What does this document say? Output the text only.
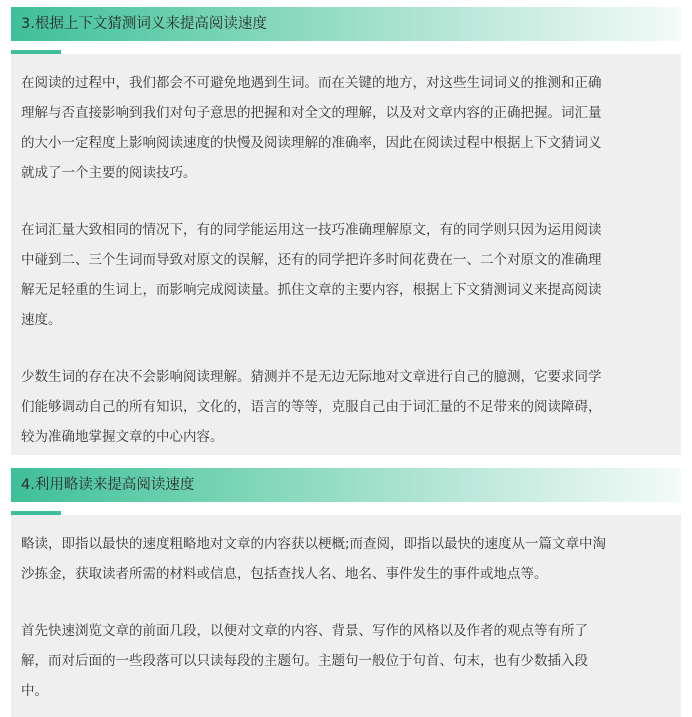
3.根据上下文猜测词义来提高阅读速度

在阅读的过程中，我们都会不可避免地遇到生词。而在关键的地方，对这些生词词义的推测和正确
理解与否直接影响到我们对句子意思的把握和对全文的理解，以及对文章内容的正确把握。词汇量
的大小一定程度上影响阅读速度的快慢及阅读理解的准确率，因此在阅读过程中根据上下文猜词义
就成了一个主要的阅读技巧。

在词汇量大致相同的情况下，有的同学能运用这一技巧准确理解原文，有的同学则只因为运用阅读
中碰到二、三个生词而导致对原文的误解，还有的同学把许多时间花费在一、二个对原文的准确理
解无足轻重的生词上，而影响完成阅读量。抓住文章的主要内容，根据上下文猜测词义来提高阅读
速度。

少数生词的存在决不会影响阅读理解。猜测并不是无边无际地对文章进行自己的臆测，它要求同学
们能够调动自己的所有知识，文化的，语言的等等，克服自己由于词汇量的不足带来的阅读障碍，
较为准确地掌握文章的中心内容。

4.利用略读来提高阅读速度

略读，即指以最快的速度粗略地对文章的内容获以梗概;而查阅，即指以最快的速度从一篇文章中淘
沙拣金，获取读者所需的材料或信息，包括查找人名、地名、事件发生的事件或地点等。

首先快速浏览文章的前面几段，以便对文章的内容、背景、写作的风格以及作者的观点等有所了
解，而对后面的一些段落可以只读每段的主题句。主题句一般位于句首、句末，也有少数插入段
中。
